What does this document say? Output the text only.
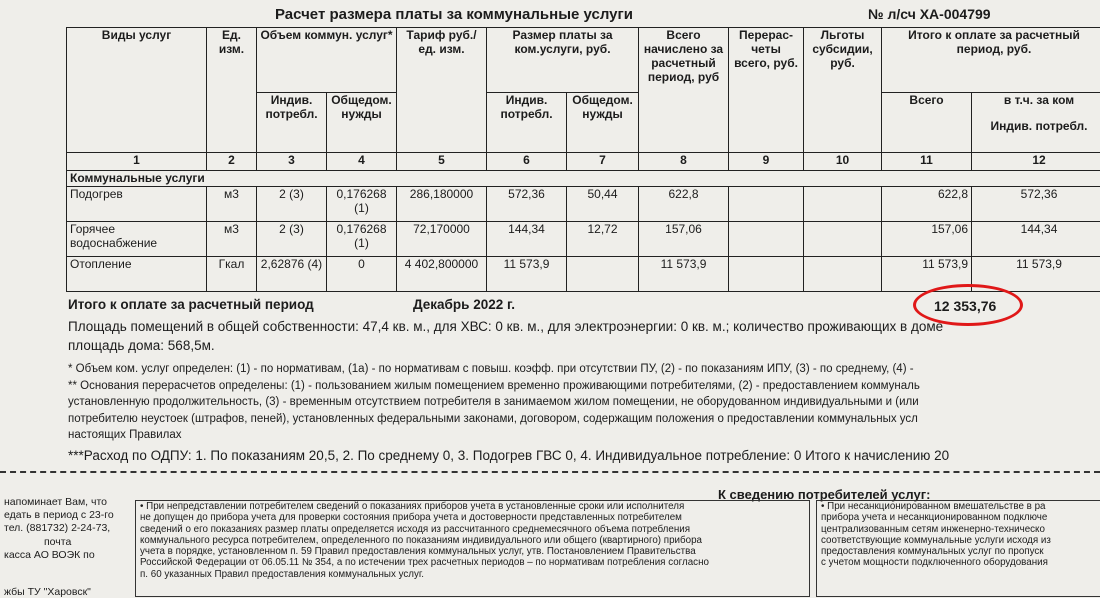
Расчет размера платы за коммунальные услуги	№ л/сч ХА-004799
Виды услуг	Ед. изм.	Объем коммун. услуг*		Тариф руб./ед. изм.	Размер платы за ком.услуги, руб.		Всего начислено за расчетный период, руб	Перерас-четы всего, руб.	Льготы субсидии, руб.	Итого к оплате за расчетный период, руб.	
		Индив. потребл.	Общедом. нужды		Индив. потребл.	Общедом. нужды				Всего	в т.ч. за ком
Индив. потребл.

1	2	3	4	5	6	7	8	9	10	11	12
Коммунальные услуги											
Подогрев	м3	2 (3)	0,176268 (1)	286,180000	572,36	50,44	622,8			622,8	572,36
Горячее водоснабжение	м3	2 (3)	0,176268 (1)	72,170000	144,34	12,72	157,06			157,06	144,34
Отопление	Гкал	2,62876 (4)	0	4 402,800000	11 573,9		11 573,9			11 573,9	11 573,9
Итого к оплате за расчетный период	Декабрь 2022 г.	12 353,76
Площадь помещений в общей собственности: 47,4 кв. м., для ХВС: 0 кв. м., для электроэнергии: 0 кв. м.; количество проживающих в доме
площадь дома: 568,5м.
* Объем ком. услуг определен: (1) - по нормативам, (1а) - по нормативам с повыш. коэфф. при отсутствии ПУ, (2) - по показаниям ИПУ, (3) - по среднему, (4) -
** Основания перерасчетов определены: (1) - пользованием жилым помещением временно проживающими потребителями, (2) - предоставлением коммуналь
установленную продолжительность, (3) - временным отсутствием потребителя в занимаемом жилом помещении, не оборудованном индивидуальными и (или
потребителю неустоек (штрафов, пеней), установленных федеральными законами, договором, содержащим положения о предоставлении коммунальных усл
настоящих Правилах
***Расход по ОДПУ: 1. По показаниям 20,5, 2. По среднему 0, 3. Подогрев ГВС 0, 4. Индивидуальное потребление: 0 Итого к начислению 20
напоминает Вам, что
едать в период с 23-го
тел. (881732) 2-24-73,
почта
касса АО ВОЭК по
жбы ТУ "Харовск"
К сведению потребителей услуг:

• При непредставлении потребителем сведений о показаниях приборов учета в установленные сроки или исполнителя

не допущен до прибора учета для проверки состояния прибора учета и достоверности представленных потребителем

сведений о его показаниях размер платы определяется исходя из рассчитанного среднемесячного объема потребления

коммунального ресурса потребителем, определенного по показаниям индивидуального или общего (квартирного) прибора

учета в порядке, установленном п. 59 Правил предоставления коммунальных услуг, утв. Постановлением Правительства

Российской Федерации от 06.05.11 № 354, а по истечении трех расчетных периодов – по нормативам потребления согласно

п. 60 указанных Правил предоставления коммунальных услуг.

• При несанкционированном вмешательстве в ра

прибора учета и несанкционированном подключе

централизованным сетям инженерно-техническо

соответствующие коммунальные услуги исходя из

предоставления коммунальных услуг по пропуск

с учетом мощности подключенного оборудования
